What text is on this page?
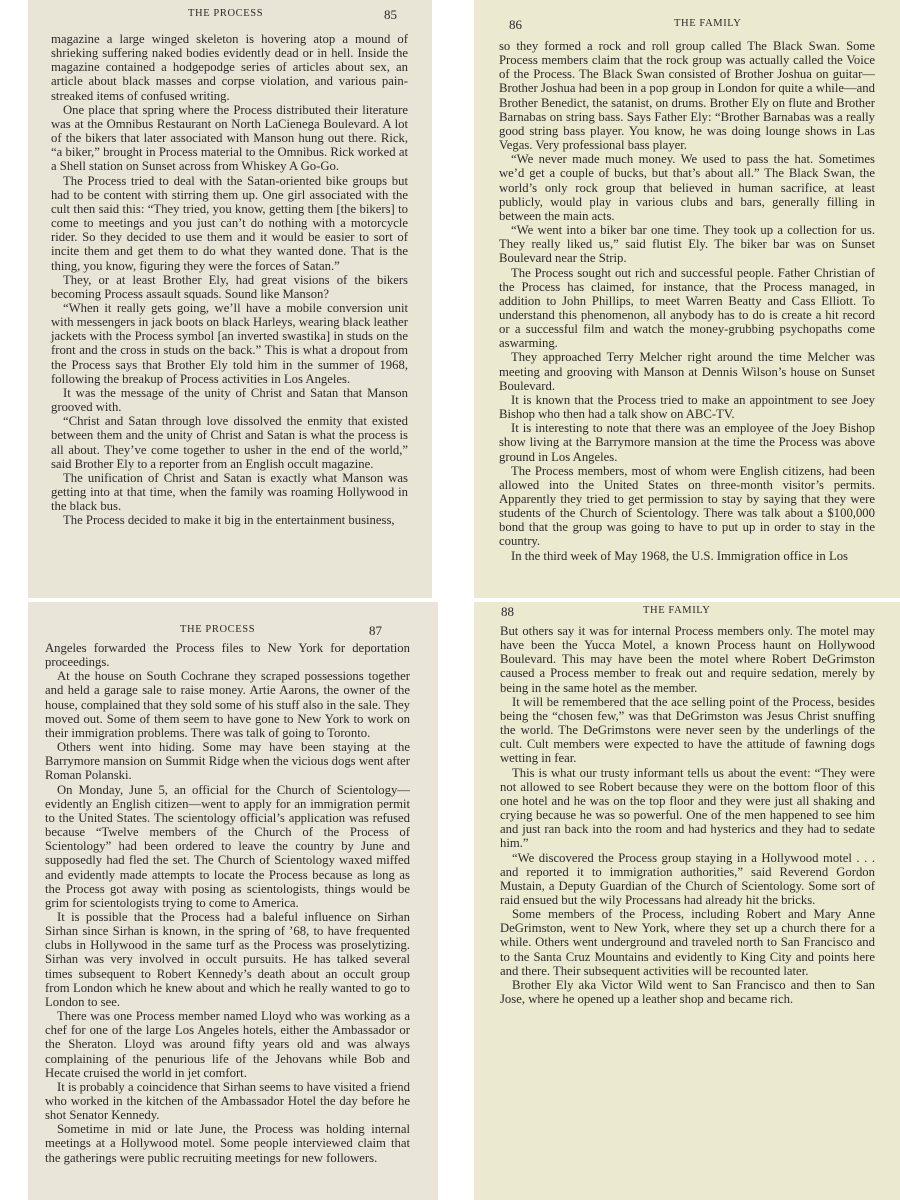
THE PROCESS	85

magazine a large winged skeleton is hovering atop a mound of shrieking suffering naked bodies evidently dead or in hell. Inside the magazine contained a hodgepodge series of articles about sex, an article about black masses and corpse violation, and various pain-streaked items of confused writing.

One place that spring where the Process distributed their literature was at the Omnibus Restaurant on North LaCienega Boulevard. A lot of the bikers that later associated with Manson hung out there. Rick, “a biker,” brought in Process material to the Omnibus. Rick worked at a Shell station on Sunset across from Whiskey A Go-Go.

The Process tried to deal with the Satan-oriented bike groups but had to be content with stirring them up. One girl associated with the cult then said this: “They tried, you know, getting them [the bikers] to come to meetings and you just can’t do nothing with a motorcycle rider. So they decided to use them and it would be easier to sort of incite them and get them to do what they wanted done. That is the thing, you know, figuring they were the forces of Satan.”

They, or at least Brother Ely, had great visions of the bikers becoming Process assault squads. Sound like Manson?

“When it really gets going, we’ll have a mobile conversion unit with messengers in jack boots on black Harleys, wearing black leather jackets with the Process symbol [an inverted swastika] in studs on the front and the cross in studs on the back.” This is what a dropout from the Process says that Brother Ely told him in the summer of 1968, following the breakup of Process activities in Los Angeles.

It was the message of the unity of Christ and Satan that Manson grooved with.

“Christ and Satan through love dissolved the enmity that existed between them and the unity of Christ and Satan is what the process is all about. They’ve come together to usher in the end of the world,” said Brother Ely to a reporter from an English occult magazine.

The unification of Christ and Satan is exactly what Manson was getting into at that time, when the family was roaming Hollywood in the black bus.

The Process decided to make it big in the entertainment business,

86	THE FAMILY

so they formed a rock and roll group called The Black Swan. Some Process members claim that the rock group was actually called the Voice of the Process. The Black Swan consisted of Brother Joshua on guitar—Brother Joshua had been in a pop group in London for quite a while—and Brother Benedict, the satanist, on drums. Brother Ely on flute and Brother Barnabas on string bass. Says Father Ely: “Brother Barnabas was a really good string bass player. You know, he was doing lounge shows in Las Vegas. Very professional bass player.

“We never made much money. We used to pass the hat. Sometimes we’d get a couple of bucks, but that’s about all.” The Black Swan, the world’s only rock group that believed in human sacrifice, at least publicly, would play in various clubs and bars, generally filling in between the main acts.

“We went into a biker bar one time. They took up a collection for us. They really liked us,” said flutist Ely. The biker bar was on Sunset Boulevard near the Strip.

The Process sought out rich and successful people. Father Christian of the Process has claimed, for instance, that the Process managed, in addition to John Phillips, to meet Warren Beatty and Cass Elliott. To understand this phenomenon, all anybody has to do is create a hit record or a successful film and watch the money-grubbing psychopaths come aswarming.

They approached Terry Melcher right around the time Melcher was meeting and grooving with Manson at Dennis Wilson’s house on Sunset Boulevard.

It is known that the Process tried to make an appointment to see Joey Bishop who then had a talk show on ABC-TV.

It is interesting to note that there was an employee of the Joey Bishop show living at the Barrymore mansion at the time the Process was above ground in Los Angeles.

The Process members, most of whom were English citizens, had been allowed into the United States on three-month visitor’s permits. Apparently they tried to get permission to stay by saying that they were students of the Church of Scientology. There was talk about a $100,000 bond that the group was going to have to put up in order to stay in the country.

In the third week of May 1968, the U.S. Immigration office in Los

THE PROCESS	87

Angeles forwarded the Process files to New York for deportation proceedings.

At the house on South Cochrane they scraped possessions together and held a garage sale to raise money. Artie Aarons, the owner of the house, complained that they sold some of his stuff also in the sale. They moved out. Some of them seem to have gone to New York to work on their immigration problems. There was talk of going to Toronto.

Others went into hiding. Some may have been staying at the Barrymore mansion on Summit Ridge when the vicious dogs went after Roman Polanski.

On Monday, June 5, an official for the Church of Scientology—evidently an English citizen—went to apply for an immigration permit to the United States. The scientology official’s application was refused because “Twelve members of the Church of the Process of Scientology” had been ordered to leave the country by June and supposedly had fled the set. The Church of Scientology waxed miffed and evidently made attempts to locate the Process because as long as the Process got away with posing as scientologists, things would be grim for scientologists trying to come to America.

It is possible that the Process had a baleful influence on Sirhan Sirhan since Sirhan is known, in the spring of ’68, to have frequented clubs in Hollywood in the same turf as the Process was proselytizing. Sirhan was very involved in occult pursuits. He has talked several times subsequent to Robert Kennedy’s death about an occult group from London which he knew about and which he really wanted to go to London to see.

There was one Process member named Lloyd who was working as a chef for one of the large Los Angeles hotels, either the Ambassador or the Sheraton. Lloyd was around fifty years old and was always complaining of the penurious life of the Jehovans while Bob and Hecate cruised the world in jet comfort.

It is probably a coincidence that Sirhan seems to have visited a friend who worked in the kitchen of the Ambassador Hotel the day before he shot Senator Kennedy.

Sometime in mid or late June, the Process was holding internal meetings at a Hollywood motel. Some people interviewed claim that the gatherings were public recruiting meetings for new followers.

88	THE FAMILY

But others say it was for internal Process members only. The motel may have been the Yucca Motel, a known Process haunt on Hollywood Boulevard. This may have been the motel where Robert DeGrimston caused a Process member to freak out and require sedation, merely by being in the same hotel as the member.

It will be remembered that the ace selling point of the Process, besides being the “chosen few,” was that DeGrimston was Jesus Christ snuffing the world. The DeGrimstons were never seen by the underlings of the cult. Cult members were expected to have the attitude of fawning dogs wetting in fear.

This is what our trusty informant tells us about the event: “They were not allowed to see Robert because they were on the bottom floor of this one hotel and he was on the top floor and they were just all shaking and crying because he was so powerful. One of the men happened to see him and just ran back into the room and had hysterics and they had to sedate him.”

“We discovered the Process group staying in a Hollywood motel . . . and reported it to immigration authorities,” said Reverend Gordon Mustain, a Deputy Guardian of the Church of Scientology. Some sort of raid ensued but the wily Processans had already hit the bricks.

Some members of the Process, including Robert and Mary Anne DeGrimston, went to New York, where they set up a church there for a while. Others went underground and traveled north to San Francisco and to the Santa Cruz Mountains and evidently to King City and points here and there. Their subsequent activities will be recounted later.

Brother Ely aka Victor Wild went to San Francisco and then to San Jose, where he opened up a leather shop and became rich.
